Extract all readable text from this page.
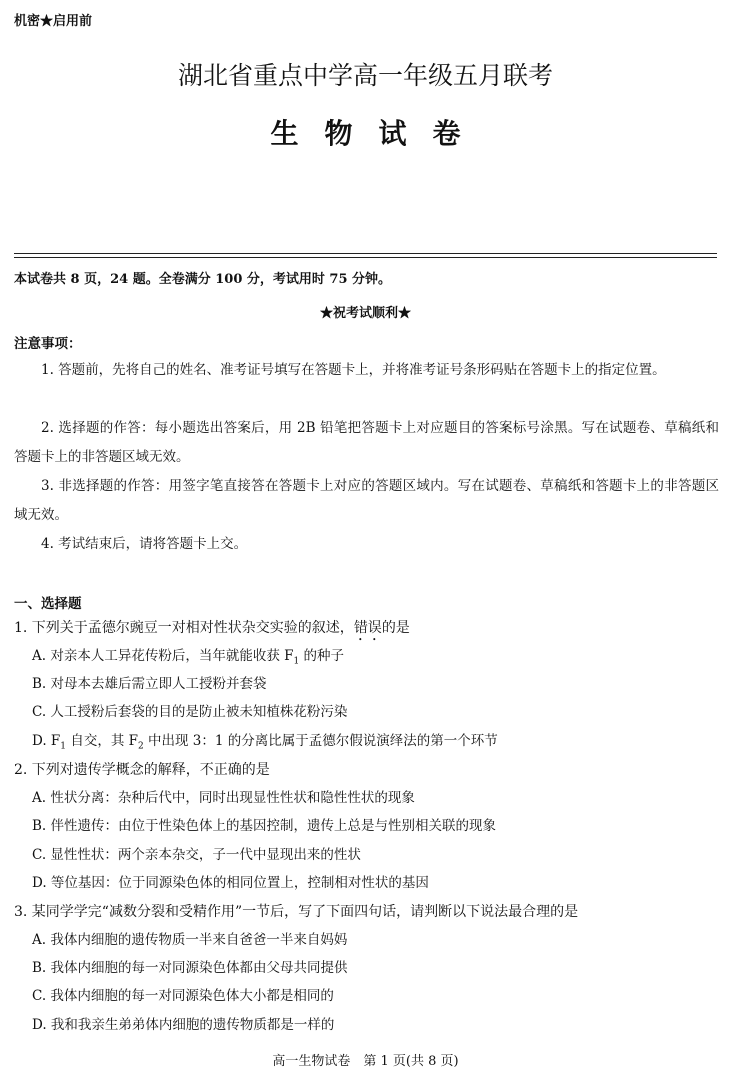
机密★启用前
湖北省重点中学高一年级五月联考
生物试卷
本试卷共 8 页，24 题。全卷满分 100 分，考试用时 75 分钟。
★祝考试顺利★
注意事项：
1. 答题前，先将自己的姓名、准考证号填写在答题卡上，并将准考证号条形码贴在答题卡上的指定位置。
2. 选择题的作答：每小题选出答案后，用 2B 铅笔把答题卡上对应题目的答案标号涂黑。写在试题卷、草稿纸和答题卡上的非答题区域无效。
3. 非选择题的作答：用签字笔直接答在答题卡上对应的答题区域内。写在试题卷、草稿纸和答题卡上的非答题区域无效。
4. 考试结束后，请将答题卡上交。
一、选择题
1. 下列关于孟德尔豌豆一对相对性状杂交实验的叙述，错误的是
A. 对亲本人工异花传粉后，当年就能收获 $F_1$ 的种子
B. 对母本去雄后需立即人工授粉并套袋
C. 人工授粉后套袋的目的是防止被未知植株花粉污染
D. $F_1$ 自交，其 $F_2$ 中出现 3：1 的分离比属于孟德尔假说演绎法的第一个环节
2. 下列对遗传学概念的解释，不正确的是
A. 性状分离：杂种后代中，同时出现显性性状和隐性性状的现象
B. 伴性遗传：由位于性染色体上的基因控制，遗传上总是与性别相关联的现象
C. 显性性状：两个亲本杂交，子一代中显现出来的性状
D. 等位基因：位于同源染色体的相同位置上，控制相对性状的基因
3. 某同学学完“减数分裂和受精作用”一节后，写了下面四句话，请判断以下说法最合理的是
A. 我体内细胞的遗传物质一半来自爸爸一半来自妈妈
B. 我体内细胞的每一对同源染色体都由父母共同提供
C. 我体内细胞的每一对同源染色体大小都是相同的
D. 我和我亲生弟弟体内细胞的遗传物质都是一样的
高一生物试卷　第 1 页(共 8 页)
